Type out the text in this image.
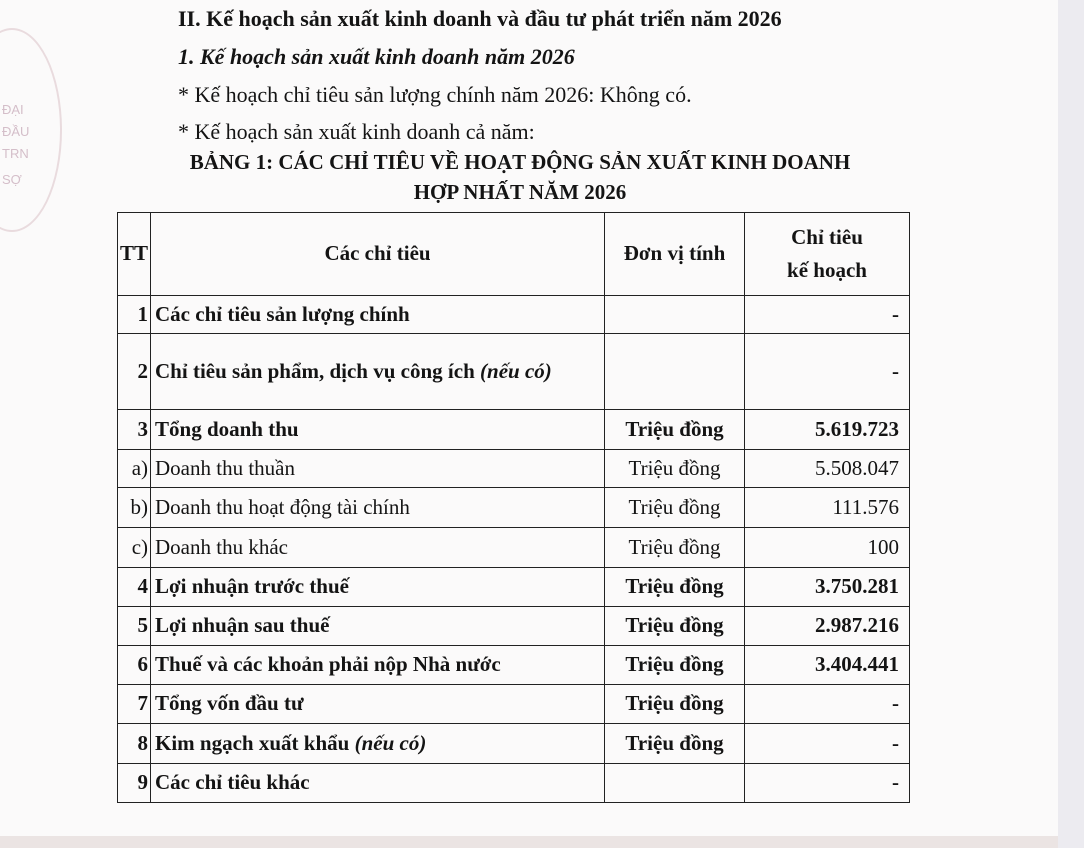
ĐẠI
ĐẦU
TRN
SỢ
II. Kế hoạch sản xuất kinh doanh và đầu tư phát triển năm 2026
1. Kế hoạch sản xuất kinh doanh năm 2026
* Kế hoạch chỉ tiêu sản lượng chính năm 2026: Không có.
* Kế hoạch sản xuất kinh doanh cả năm:
BẢNG 1: CÁC CHỈ TIÊU VỀ HOẠT ĐỘNG SẢN XUẤT KINH DOANH
HỢP NHẤT NĂM 2026
TT	Các chỉ tiêu	Đơn vị tính	Chỉ tiêu
kế hoạch

1	Các chỉ tiêu sản lượng chính		-
2	Chỉ tiêu sản phẩm, dịch vụ công ích (nếu có)		-
3	Tổng doanh thu	Triệu đồng	5.619.723
a)	Doanh thu thuần	Triệu đồng	5.508.047
b)	Doanh thu hoạt động tài chính	Triệu đồng	111.576
c)	Doanh thu khác	Triệu đồng	100
4	Lợi nhuận trước thuế	Triệu đồng	3.750.281
5	Lợi nhuận sau thuế	Triệu đồng	2.987.216
6	Thuế và các khoản phải nộp Nhà nước	Triệu đồng	3.404.441
7	Tổng vốn đầu tư	Triệu đồng	-
8	Kim ngạch xuất khẩu (nếu có)	Triệu đồng	-
9	Các chỉ tiêu khác		-
